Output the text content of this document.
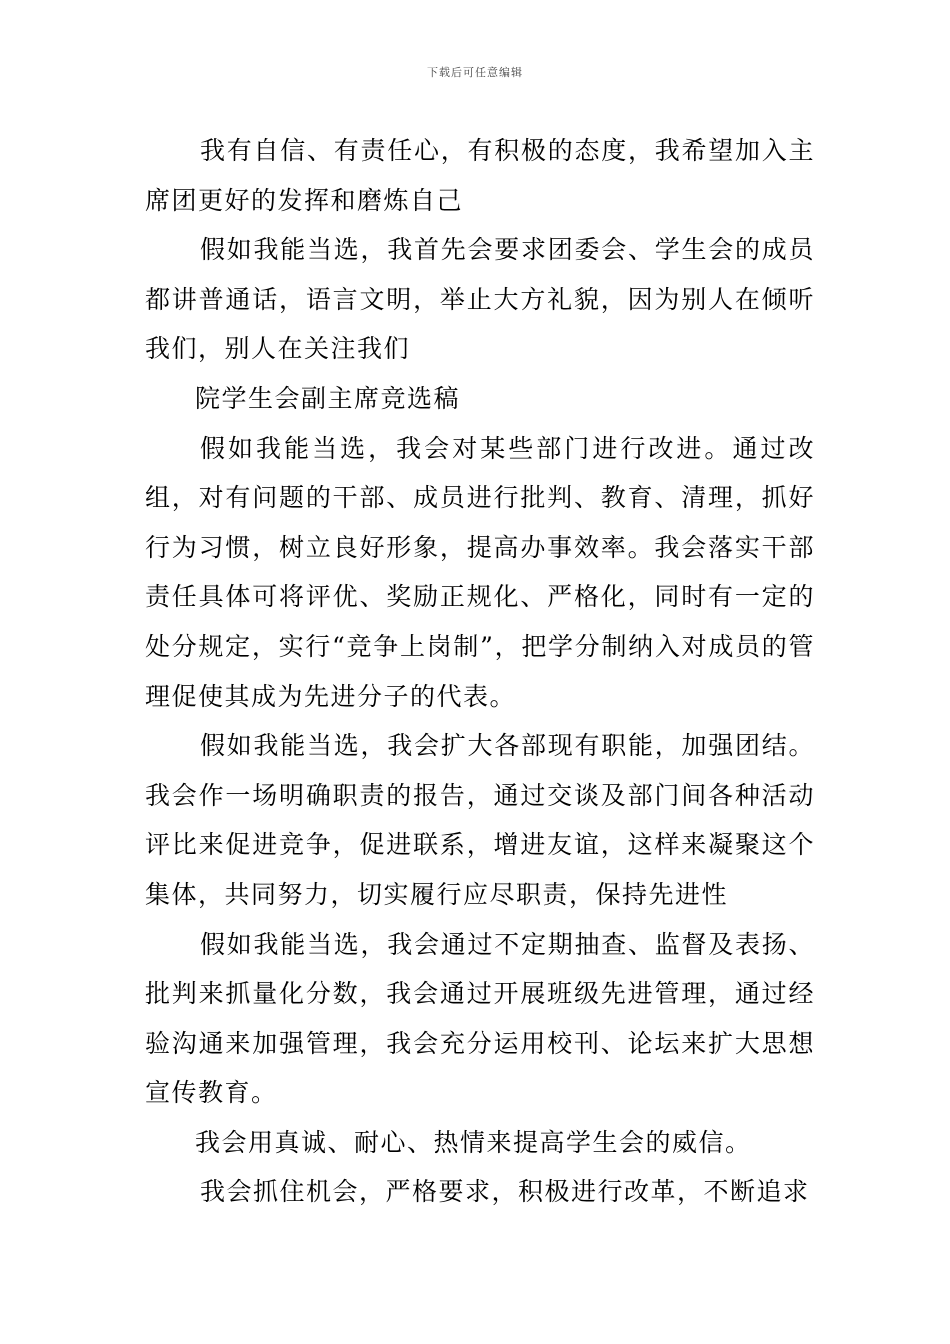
下载后可任意编辑

我有自信、有责任心，有积极的态度，我希望加入主席团更好的发挥和磨炼自己

假如我能当选，我首先会要求团委会、学生会的成员都讲普通话，语言文明，举止大方礼貌，因为别人在倾听我们，别人在关注我们

院学生会副主席竞选稿

假如我能当选，我会对某些部门进行改进。通过改组，对有问题的干部、成员进行批判、教育、清理，抓好行为习惯，树立良好形象，提高办事效率。我会落实干部责任具体可将评优、奖励正规化、严格化，同时有一定的处分规定，实行“竞争上岗制”，把学分制纳入对成员的管理促使其成为先进分子的代表。

假如我能当选，我会扩大各部现有职能，加强团结。我会作一场明确职责的报告，通过交谈及部门间各种活动评比来促进竞争，促进联系，增进友谊，这样来凝聚这个集体，共同努力，切实履行应尽职责，保持先进性

假如我能当选，我会通过不定期抽查、监督及表扬、批判来抓量化分数，我会通过开展班级先进管理，通过经验沟通来加强管理，我会充分运用校刊、论坛来扩大思想宣传教育。

我会用真诚、耐心、热情来提高学生会的威信。

我会抓住机会，严格要求，积极进行改革，不断追求
